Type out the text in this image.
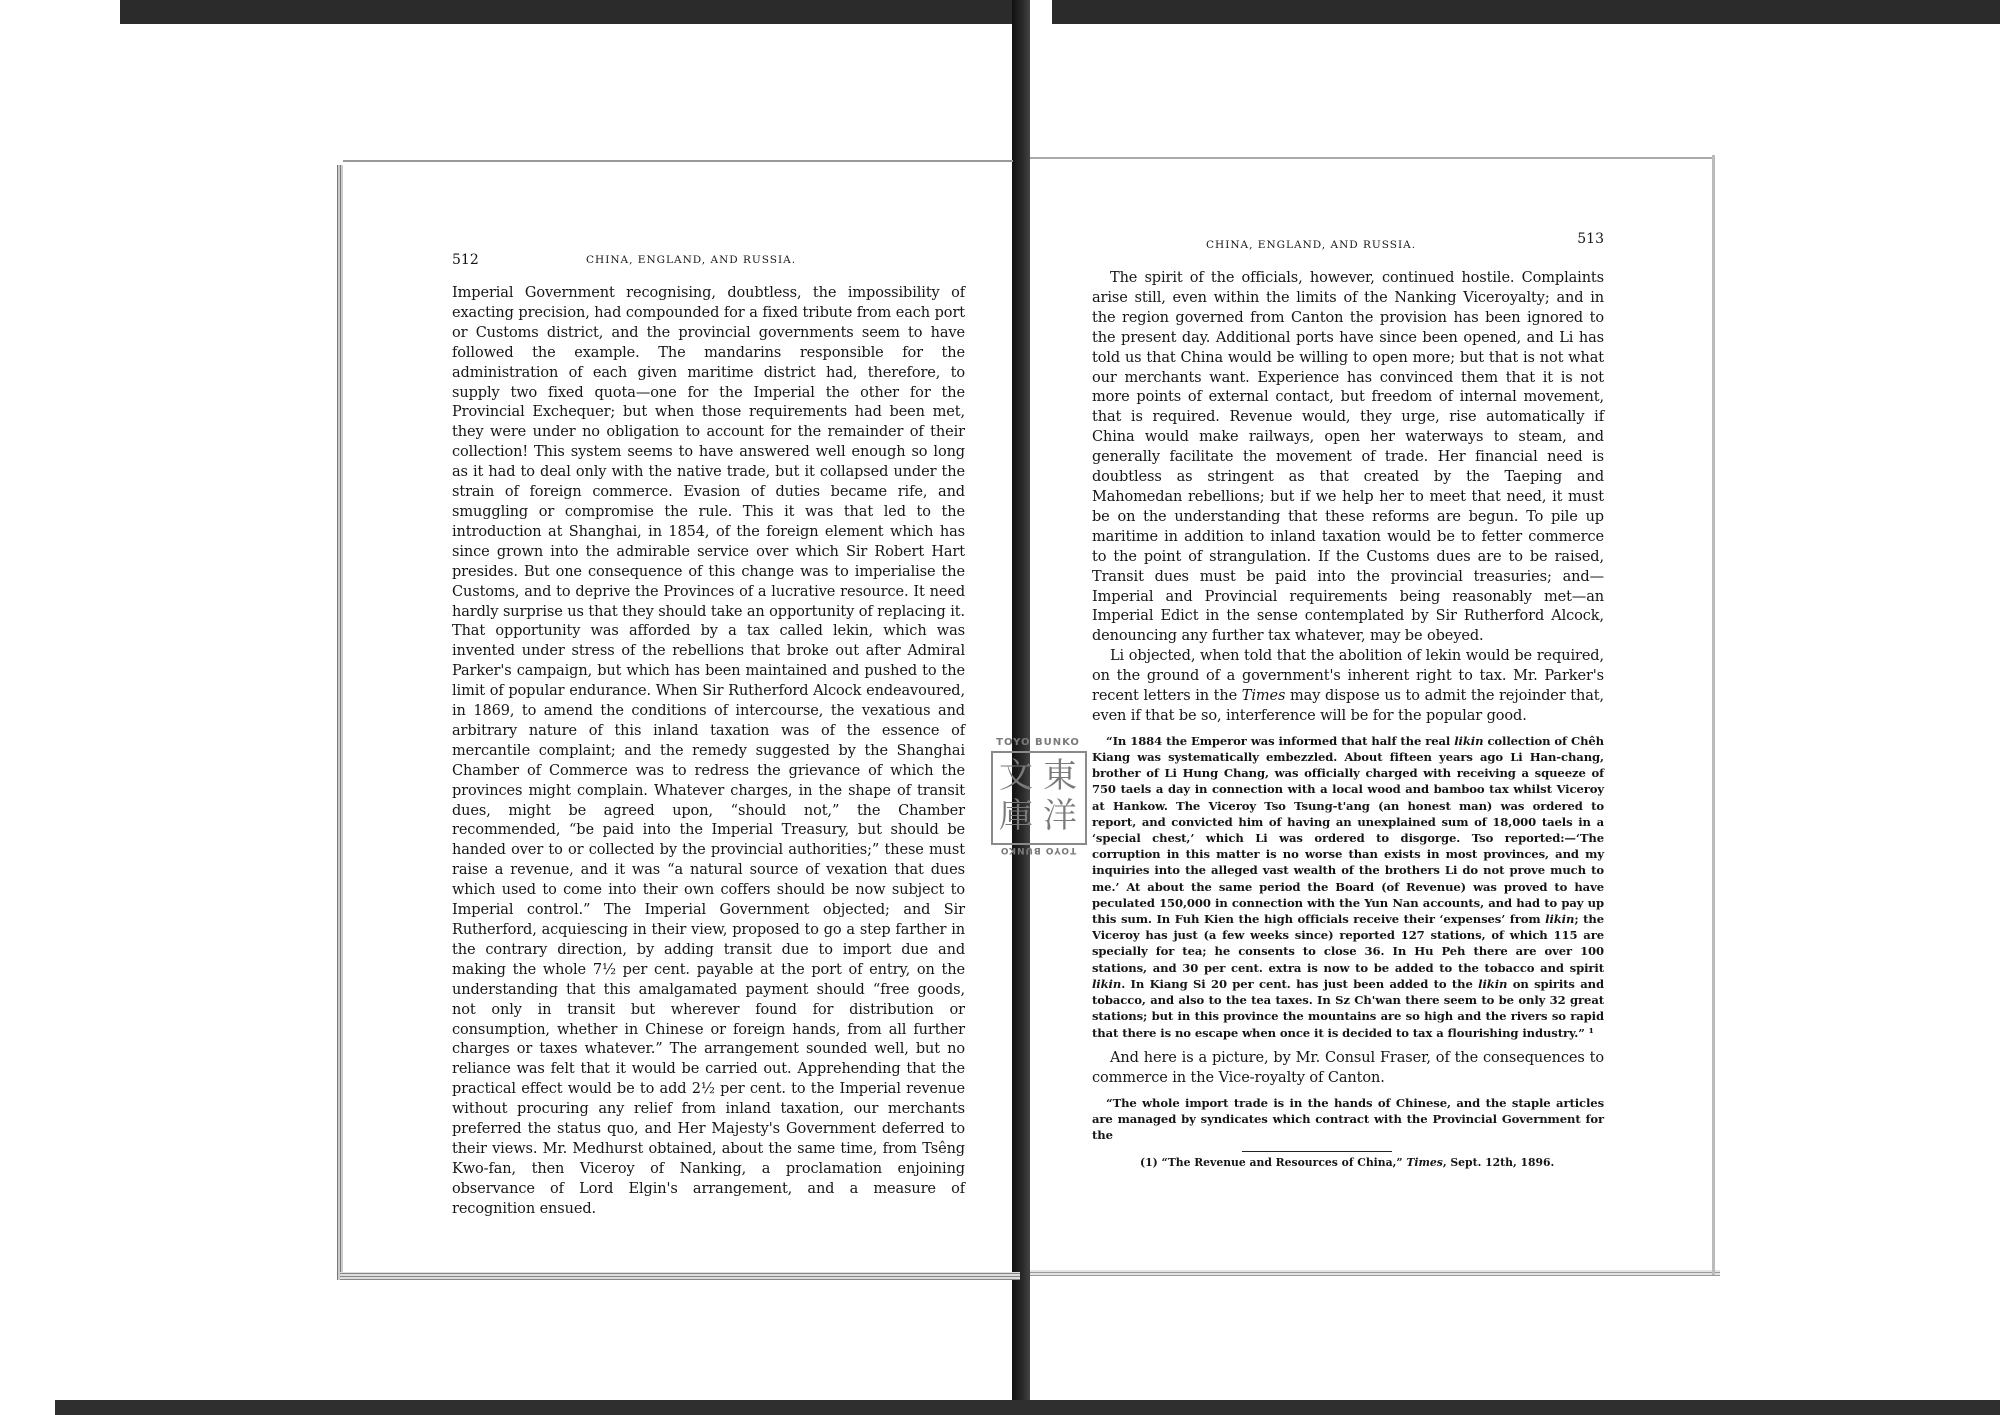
512	CHINA, ENGLAND, AND RUSSIA.

Imperial Government recognising, doubtless, the impossibility of exacting precision, had compounded for a fixed tribute from each port or Customs district, and the provincial governments seem to have followed the example. The mandarins responsible for the administration of each given maritime district had, therefore, to supply two fixed quota—one for the Imperial the other for the Provincial Exchequer; but when those requirements had been met, they were under no obligation to account for the remainder of their collection! This system seems to have answered well enough so long as it had to deal only with the native trade, but it collapsed under the strain of foreign commerce. Evasion of duties became rife, and smuggling or compromise the rule. This it was that led to the introduction at Shanghai, in 1854, of the foreign element which has since grown into the admirable service over which Sir Robert Hart presides. But one consequence of this change was to imperialise the Customs, and to deprive the Provinces of a lucrative resource. It need hardly surprise us that they should take an opportunity of replacing it. That opportunity was afforded by a tax called lekin, which was invented under stress of the rebellions that broke out after Admiral Parker's campaign, but which has been maintained and pushed to the limit of popular endurance. When Sir Rutherford Alcock endeavoured, in 1869, to amend the conditions of intercourse, the vexatious and arbitrary nature of this inland taxation was of the essence of mercantile complaint; and the remedy suggested by the Shanghai Chamber of Commerce was to redress the grievance of which the provinces might complain. Whatever charges, in the shape of transit dues, might be agreed upon, “should not,” the Chamber recommended, “be paid into the Imperial Treasury, but should be handed over to or collected by the provincial authorities;” these must raise a revenue, and it was “a natural source of vexation that dues which used to come into their own coffers should be now subject to Imperial control.” The Imperial Government objected; and Sir Rutherford, acquiescing in their view, proposed to go a step farther in the contrary direction, by adding transit due to import due and making the whole 7½ per cent. payable at the port of entry, on the understanding that this amalgamated payment should “free goods, not only in transit but wherever found for distribution or consumption, whether in Chinese or foreign hands, from all further charges or taxes whatever.” The arrangement sounded well, but no reliance was felt that it would be carried out. Apprehending that the practical effect would be to add 2½ per cent. to the Imperial revenue without procuring any relief from inland taxation, our merchants preferred the status quo, and Her Majesty's Government deferred to their views. Mr. Medhurst obtained, about the same time, from Tsêng Kwo-fan, then Viceroy of Nanking, a proclamation enjoining observance of Lord Elgin's arrangement, and a measure of recognition ensued.

CHINA, ENGLAND, AND RUSSIA.	513

The spirit of the officials, however, continued hostile. Complaints arise still, even within the limits of the Nanking Viceroyalty; and in the region governed from Canton the provision has been ignored to the present day. Additional ports have since been opened, and Li has told us that China would be willing to open more; but that is not what our merchants want. Experience has convinced them that it is not more points of external contact, but freedom of internal movement, that is required. Revenue would, they urge, rise automatically if China would make railways, open her waterways to steam, and generally facilitate the movement of trade. Her financial need is doubtless as stringent as that created by the Taeping and Mahomedan rebellions; but if we help her to meet that need, it must be on the understanding that these reforms are begun. To pile up maritime in addition to inland taxation would be to fetter commerce to the point of strangulation. If the Customs dues are to be raised, Transit dues must be paid into the provincial treasuries; and—Imperial and Provincial requirements being reasonably met—an Imperial Edict in the sense contemplated by Sir Rutherford Alcock, denouncing any further tax whatever, may be obeyed.

Li objected, when told that the abolition of lekin would be required, on the ground of a government's inherent right to tax. Mr. Parker's recent letters in the Times may dispose us to admit the rejoinder that, even if that be so, interference will be for the popular good.

“In 1884 the Emperor was informed that half the real likin collection of Chêh Kiang was systematically embezzled. About fifteen years ago Li Han-chang, brother of Li Hung Chang, was officially charged with receiving a squeeze of 750 taels a day in connection with a local wood and bamboo tax whilst Viceroy at Hankow. The Viceroy Tso Tsung-t'ang (an honest man) was ordered to report, and convicted him of having an unexplained sum of 18,000 taels in a ‘special chest,’ which Li was ordered to disgorge. Tso reported:—‘The corruption in this matter is no worse than exists in most provinces, and my inquiries into the alleged vast wealth of the brothers Li do not prove much to me.’ At about the same period the Board (of Revenue) was proved to have peculated 150,000 in connection with the Yun Nan accounts, and had to pay up this sum. In Fuh Kien the high officials receive their ‘expenses’ from likin; the Viceroy has just (a few weeks since) reported 127 stations, of which 115 are specially for tea; he consents to close 36. In Hu Peh there are over 100 stations, and 30 per cent. extra is now to be added to the tobacco and spirit likin. In Kiang Si 20 per cent. has just been added to the likin on spirits and tobacco, and also to the tea taxes. In Sz Ch'wan there seem to be only 32 great stations; but in this province the mountains are so high and the rivers so rapid that there is no escape when once it is decided to tax a flourishing industry.” ¹

And here is a picture, by Mr. Consul Fraser, of the consequences to commerce in the Vice-royalty of Canton.

“The whole import trade is in the hands of Chinese, and the staple articles are managed by syndicates which contract with the Provincial Government for the

(1) “The Revenue and Resources of China,” Times, Sept. 12th, 1896.
TOYO BUNKO
東
洋
文
庫
TOYO BUNKO
